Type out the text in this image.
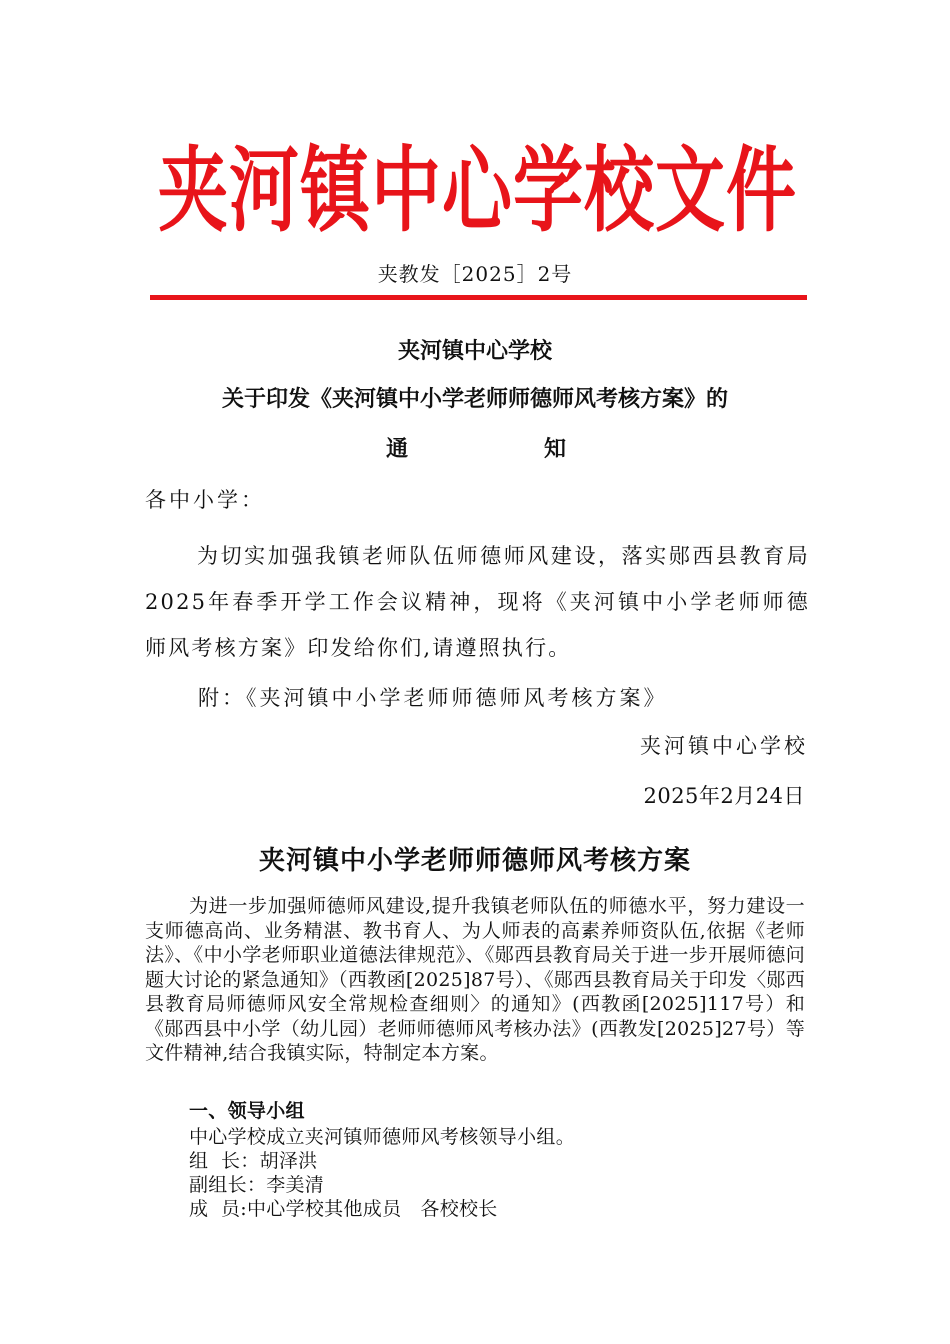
夹河镇中心学校文件
夹教发［2025］2号
夹河镇中心学校
关于印发《夹河镇中小学老师师德师风考核方案》的
通	知
各中小学：
为切实加强我镇老师队伍师德师风建设，落实郧西县教育局2025年春季开学工作会议精神，现将《夹河镇中小学老师师德师风考核方案》印发给你们,请遵照执行。
附：《夹河镇中小学老师师德师风考核方案》
夹河镇中心学校
2025年2月24日
夹河镇中小学老师师德师风考核方案
为进一步加强师德师风建设,提升我镇老师队伍的师德水平，努力建设一支师德高尚、业务精湛、教书育人、为人师表的高素养师资队伍,依据《老师法》、《中小学老师职业道德法律规范》、《郧西县教育局关于进一步开展师德问题大讨论的紧急通知》（西教函[2025]87号）、《郧西县教育局关于印发〈郧西县教育局师德师风安全常规检查细则〉的通知》(西教函[2025]117号）和《郧西县中小学（幼儿园）老师师德师风考核办法》(西教发[2025]27号）等文件精神,结合我镇实际，特制定本方案。
一、领导小组
中心学校成立夹河镇师德师风考核领导小组。
组  长：胡泽洪
副组长：李美清
成  员:中心学校其他成员   各校校长
